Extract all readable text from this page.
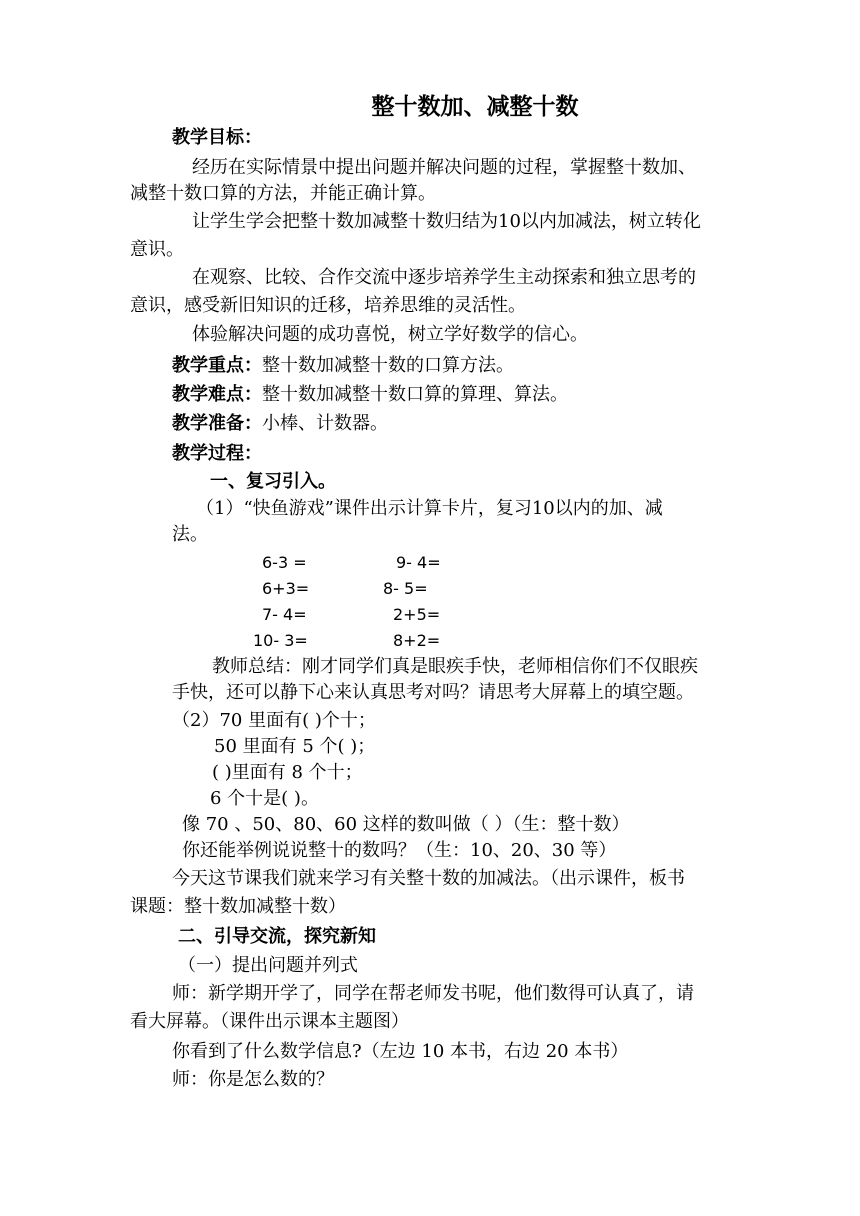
整十数加、减整十数
教学目标：
经历在实际情景中提出问题并解决问题的过程，掌握整十数加、
减整十数口算的方法，并能正确计算。
让学生学会把整十数加减整十数归结为10以内加减法，树立转化
意识。
在观察、比较、合作交流中逐步培养学生主动探索和独立思考的
意识，感受新旧知识的迁移，培养思维的灵活性。
体验解决问题的成功喜悦，树立学好数学的信心。
教学重点：整十数加减整十数的口算方法。
教学难点：整十数加减整十数口算的算理、算法。
教学准备：小棒、计数器。
教学过程：
一、复习引入。
（1）“快鱼游戏”课件出示计算卡片，复习10以内的加、减
法。
6-3 =	9- 4=
6+3=	8- 5=
7- 4=	2+5=
10- 3=	8+2=
教师总结：刚才同学们真是眼疾手快，老师相信你们不仅眼疾
手快，还可以静下心来认真思考对吗？请思考大屏幕上的填空题。
（2）70 里面有( )个十；
50 里面有 5 个( )；
( )里面有 8 个十；
6 个十是( )。
像 70 、50、80、60 这样的数叫做（ ）（生：整十数）
你还能举例说说整十的数吗？（生：10、20、30 等）
今天这节课我们就来学习有关整十数的加减法。（出示课件，板书
课题：整十数加减整十数）
二、引导交流，探究新知
（一）提出问题并列式
师：新学期开学了，同学在帮老师发书呢，他们数得可认真了，请
看大屏幕。（课件出示课本主题图）
你看到了什么数学信息?（左边 10 本书，右边 20 本书）
师：你是怎么数的？
